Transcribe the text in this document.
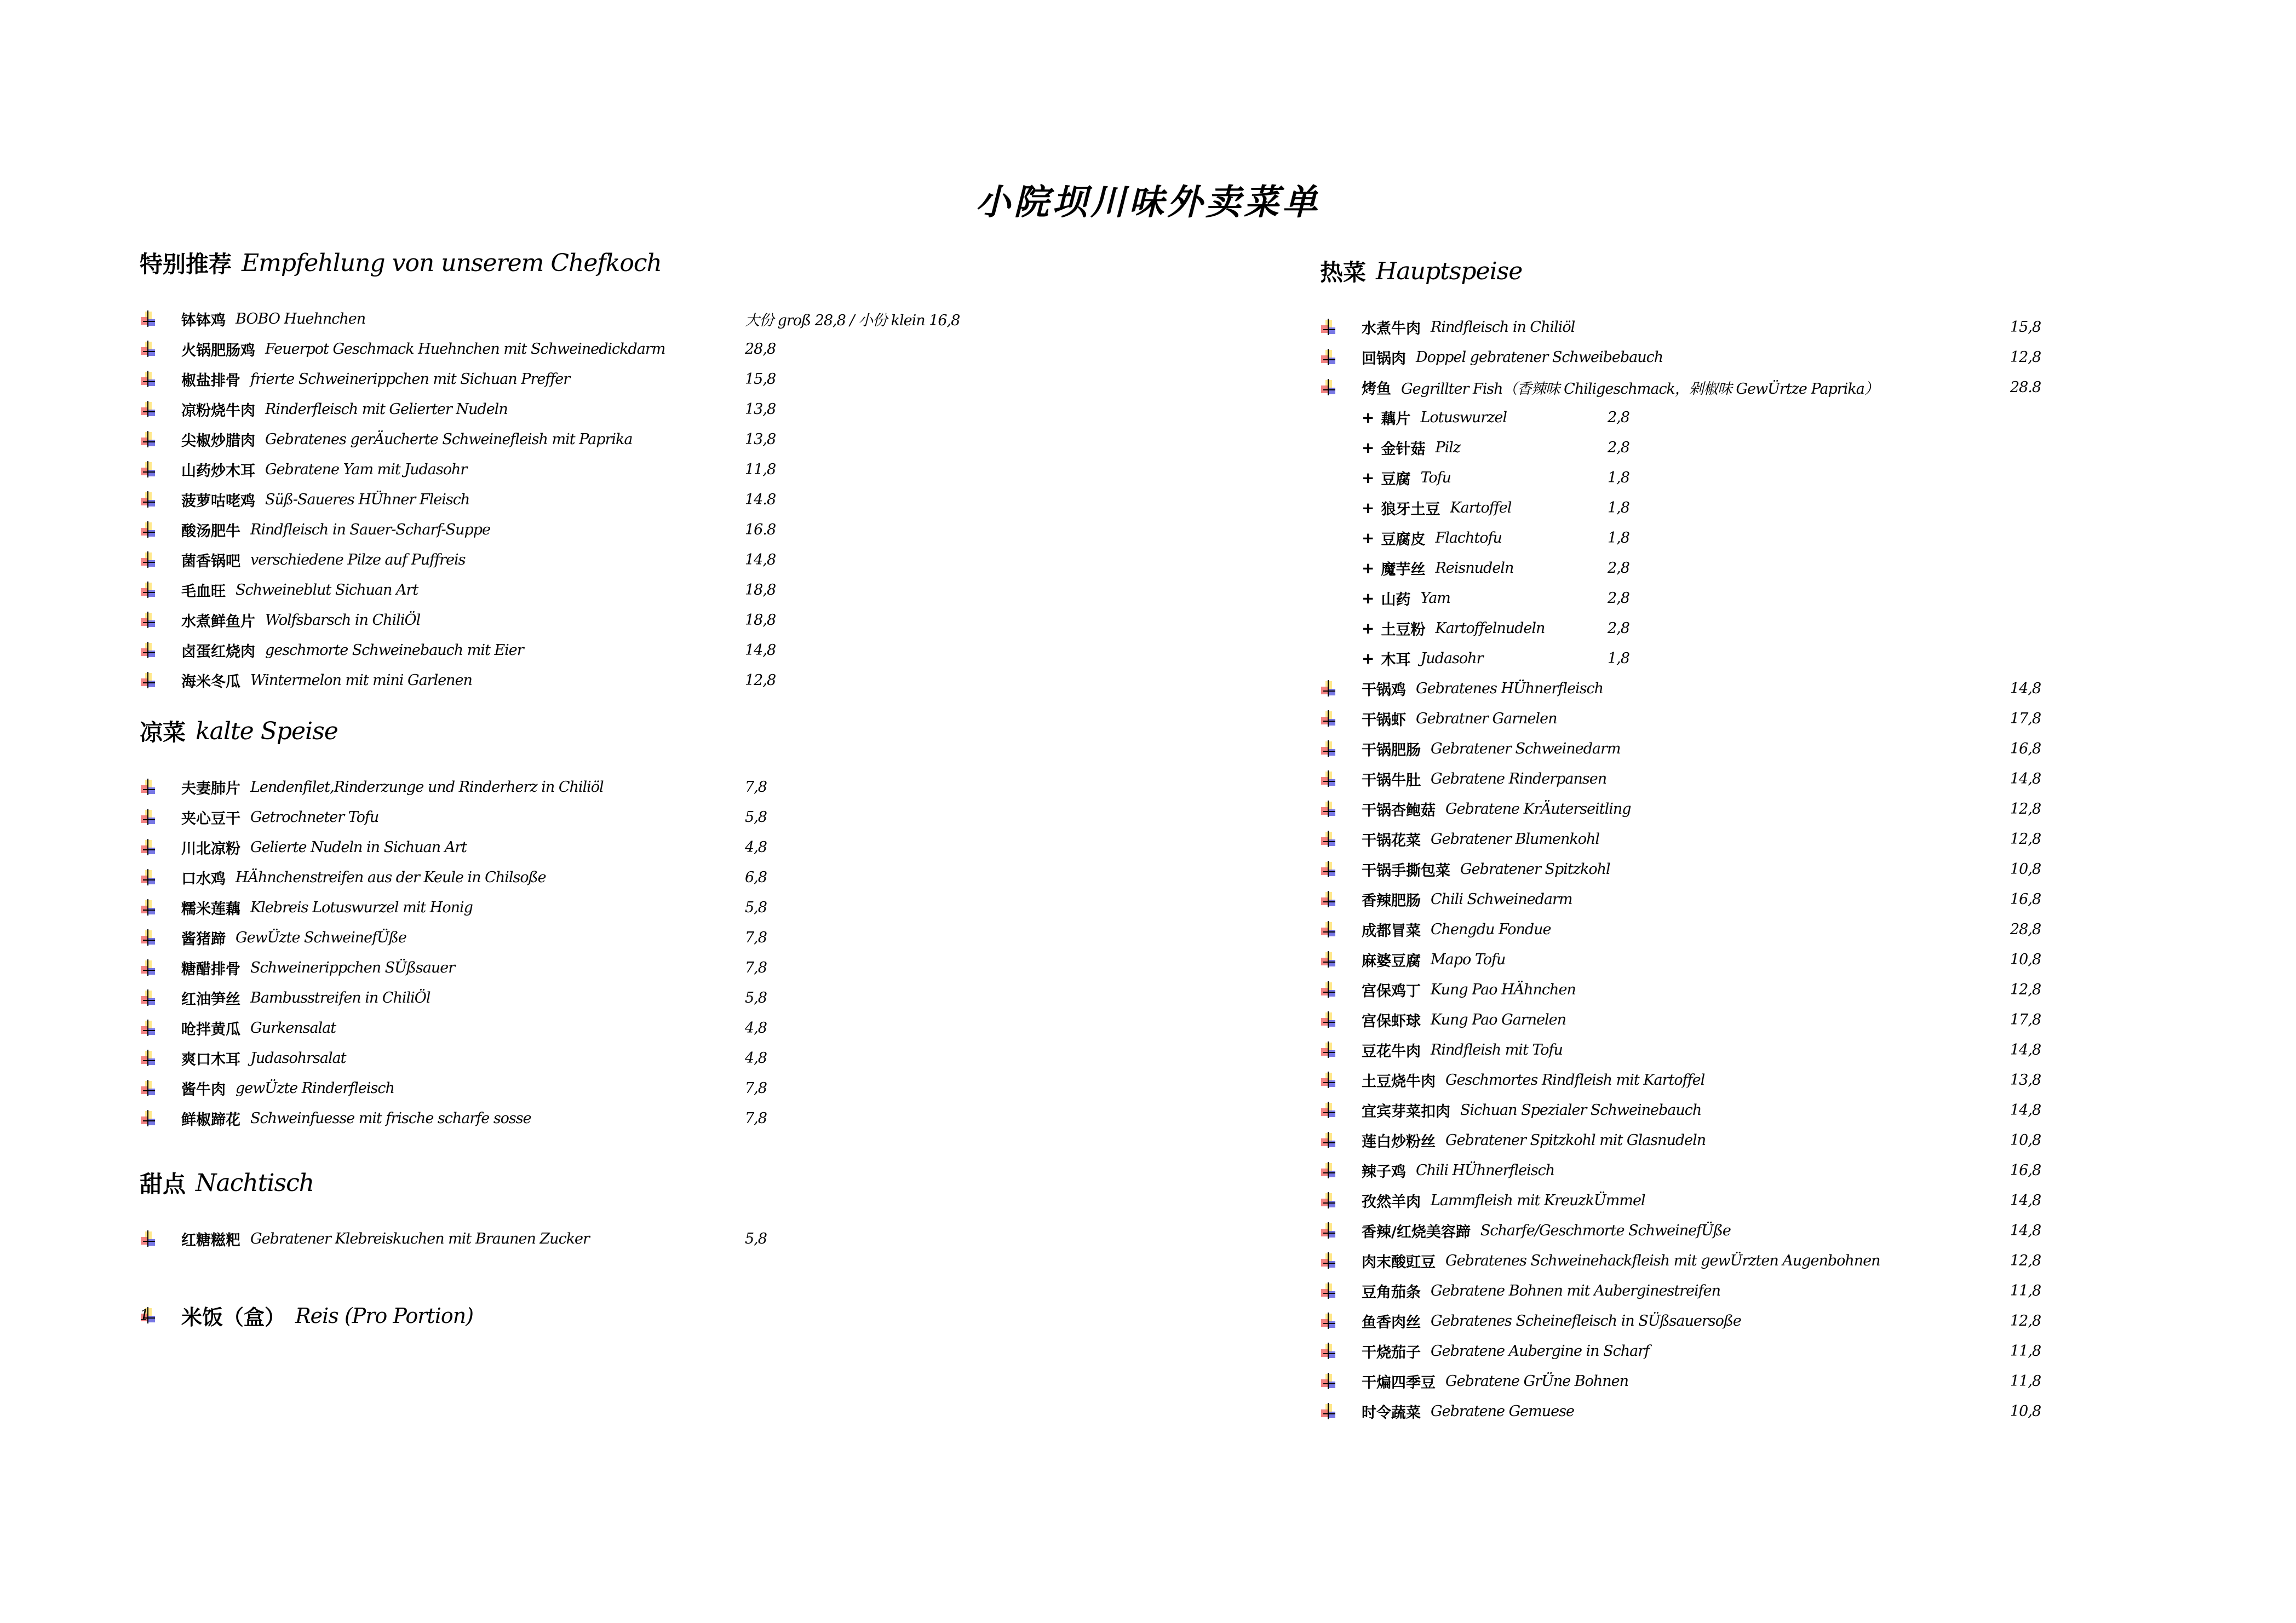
小院坝川味外卖菜单
特别推荐 Empfehlung von unserem Chefkoch
钵钵鸡 BOBO Huehnchen	大份 groß 28,8 / 小份 klein 16,8
火锅肥肠鸡 Feuerpot Geschmack Huehnchen mit Schweinedickdarm	28,8
椒盐排骨 frierte Schweinerippchen mit Sichuan Preffer	15,8
凉粉烧牛肉 Rinderfleisch mit Gelierter Nudeln	13,8
尖椒炒腊肉 Gebratenes gerÄucherte Schweinefleish mit Paprika	13,8
山药炒木耳 Gebratene Yam mit Judasohr	11,8
菠萝咕咾鸡 Süß-Saueres HÜhner Fleisch	14.8
酸汤肥牛 Rindfleisch in Sauer-Scharf-Suppe	16.8
菌香锅吧 verschiedene Pilze auf Puffreis	14,8
毛血旺 Schweineblut Sichuan Art	18,8
水煮鲜鱼片 Wolfsbarsch in ChiliÖl	18,8
卤蛋红烧肉 geschmorte Schweinebauch mit Eier	14,8
海米冬瓜 Wintermelon mit mini Garlenen	12,8
凉菜 kalte Speise
夫妻肺片 Lendenfilet,Rinderzunge und Rinderherz in Chiliöl	7,8
夹心豆干 Getrochneter Tofu	5,8
川北凉粉 Gelierte Nudeln in Sichuan Art	4,8
口水鸡 HÄhnchenstreifen aus der Keule in Chilsoße	6,8
糯米莲藕 Klebreis Lotuswurzel mit Honig	5,8
酱猪蹄 GewÜzte SchweinefÜße	7,8
糖醋排骨 Schweinerippchen SÜßsauer	7,8
红油笋丝 Bambusstreifen in ChiliÖl	5,8
呛拌黄瓜 Gurkensalat	4,8
爽口木耳 Judasohrsalat	4,8
酱牛肉 gewÜzte Rinderfleisch	7,8
鲜椒蹄花 Schweinfuesse mit frische scharfe sosse	7,8
甜点 Nachtisch
红糖糍粑 Gebratener Klebreiskuchen mit Braunen Zucker	5,8
米饭（盒） Reis (Pro Portion)
1
热菜 Hauptspeise
水煮牛肉 Rindfleisch in Chiliöl	15,8
回锅肉 Doppel gebratener Schweibebauch	12,8
烤鱼 Gegrillter Fish（香辣味 Chiligeschmack，剁椒味 GewÜrtze Paprika）	28.8
+ 藕片 Lotuswurzel	2,8
+ 金针菇 Pilz	2,8
+ 豆腐 Tofu	1,8
+ 狼牙土豆 Kartoffel	1,8
+ 豆腐皮 Flachtofu	1,8
+ 魔芋丝 Reisnudeln	2,8
+ 山药 Yam	2,8
+ 土豆粉 Kartoffelnudeln	2,8
+ 木耳 Judasohr	1,8
干锅鸡 Gebratenes HÜhnerfleisch	14,8
干锅虾 Gebratner Garnelen	17,8
干锅肥肠 Gebratener Schweinedarm	16,8
干锅牛肚 Gebratene Rinderpansen	14,8
干锅杏鲍菇 Gebratene KrÄuterseitling	12,8
干锅花菜 Gebratener Blumenkohl	12,8
干锅手撕包菜 Gebratener Spitzkohl	10,8
香辣肥肠 Chili Schweinedarm	16,8
成都冒菜 Chengdu Fondue	28,8
麻婆豆腐 Mapo Tofu	10,8
宫保鸡丁 Kung Pao HÄhnchen	12,8
宫保虾球 Kung Pao Garnelen	17,8
豆花牛肉 Rindfleish mit Tofu	14,8
土豆烧牛肉 Geschmortes Rindfleish mit Kartoffel	13,8
宜宾芽菜扣肉 Sichuan Spezialer Schweinebauch	14,8
莲白炒粉丝 Gebratener Spitzkohl mit Glasnudeln	10,8
辣子鸡 Chili HÜhnerfleisch	16,8
孜然羊肉 Lammfleish mit KreuzkÜmmel	14,8
香辣/红烧美容蹄 Scharfe/Geschmorte SchweinefÜße	14,8
肉末酸豇豆 Gebratenes Schweinehackfleish mit gewÜrzten Augenbohnen	12,8
豆角茄条 Gebratene Bohnen mit Auberginestreifen	11,8
鱼香肉丝 Gebratenes Scheinefleisch in SÜßsauersoße	12,8
干烧茄子 Gebratene Aubergine in Scharf	11,8
干煸四季豆 Gebratene GrÜne Bohnen	11,8
时令蔬菜 Gebratene Gemuese	10,8
